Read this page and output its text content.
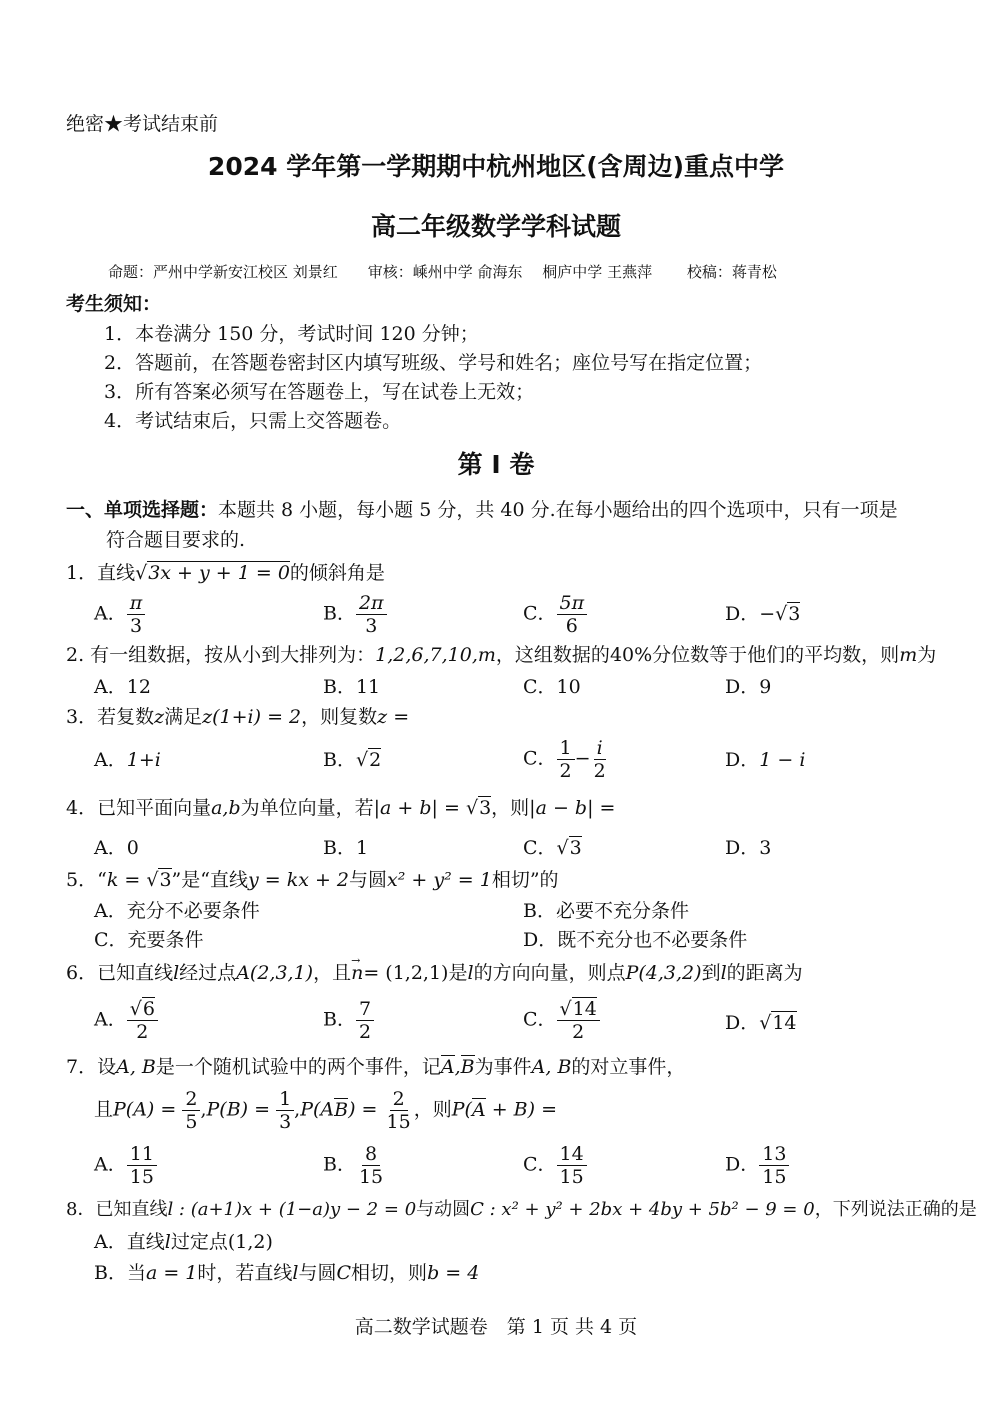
绝密★考试结束前
2024 学年第一学期期中杭州地区(含周边)重点中学
高二年级数学学科试题
命题：严州中学新安江校区 刘景红　　审核：嵊州中学 俞海东　 桐庐中学 王燕萍　　 校稿：蒋青松
考生须知：
1．本卷满分 150 分，考试时间 120 分钟；
2．答题前，在答题卷密封区内填写班级、学号和姓名；座位号写在指定位置；
3．所有答案必须写在答题卷上，写在试卷上无效；
4．考试结束后，只需上交答题卷。
第 I 卷
一、单项选择题：本题共 8 小题，每小题 5 分，共 40 分.在每小题给出的四个选项中，只有一项是
符合题目要求的.
1．直线√3x + y + 1 = 0的倾斜角是
A． $\frac{\pi}{3}$	B． $\frac{2\pi}{3}$	C． $\frac{5\pi}{6}$	D．−√3
2. 有一组数据，按从小到大排列为：1,2,6,7,10,m，这组数据的40%分位数等于他们的平均数，则m为
A．12	B．11	C．10	D．9
3．若复数z满足z(1+i) = 2，则复数z =
A．1+i	B．√2	C． $\frac{1}{2} - \frac{i}{2}$	D．1 − i
4．已知平面向量a,b为单位向量，若|a + b| = √3，则|a − b| =
A．0	B．1	C．√3	D．3
5．“k = √3”是“直线y = kx + 2与圆x² + y² = 1相切”的
A．充分不必要条件	B．必要不充分条件
C．充要条件	D．既不充分也不必要条件
6．已知直线l经过点A(2,3,1)，且→ n= (1,2,1)是l的方向向量，则点P(4,3,2)到l的距离为
A． $\frac{√6}{2}$	B． $\frac{7}{2}$	C． $\frac{√14}{2}$	D．√14
7．设A, B是一个随机试验中的两个事件，记A,B为事件A, B的对立事件，
且$P(A) = \frac{2}{5} ,P(B) = \frac{1}{3} ,P(AB) = \frac{2}{15}$ ，则P(A + B) =
A． $\frac{11}{15}$	B． $\frac{8}{15}$	C． $\frac{14}{15}$	D． $\frac{13}{15}$
8．已知直线l : (a+1)x + (1−a)y − 2 = 0与动圆C : x² + y² + 2bx + 4by + 5b² − 9 = 0，下列说法正确的是
A．直线l过定点(1,2)
B．当a = 1时，若直线l与圆C相切，则b = 4
高二数学试题卷　第 1 页 共 4 页
